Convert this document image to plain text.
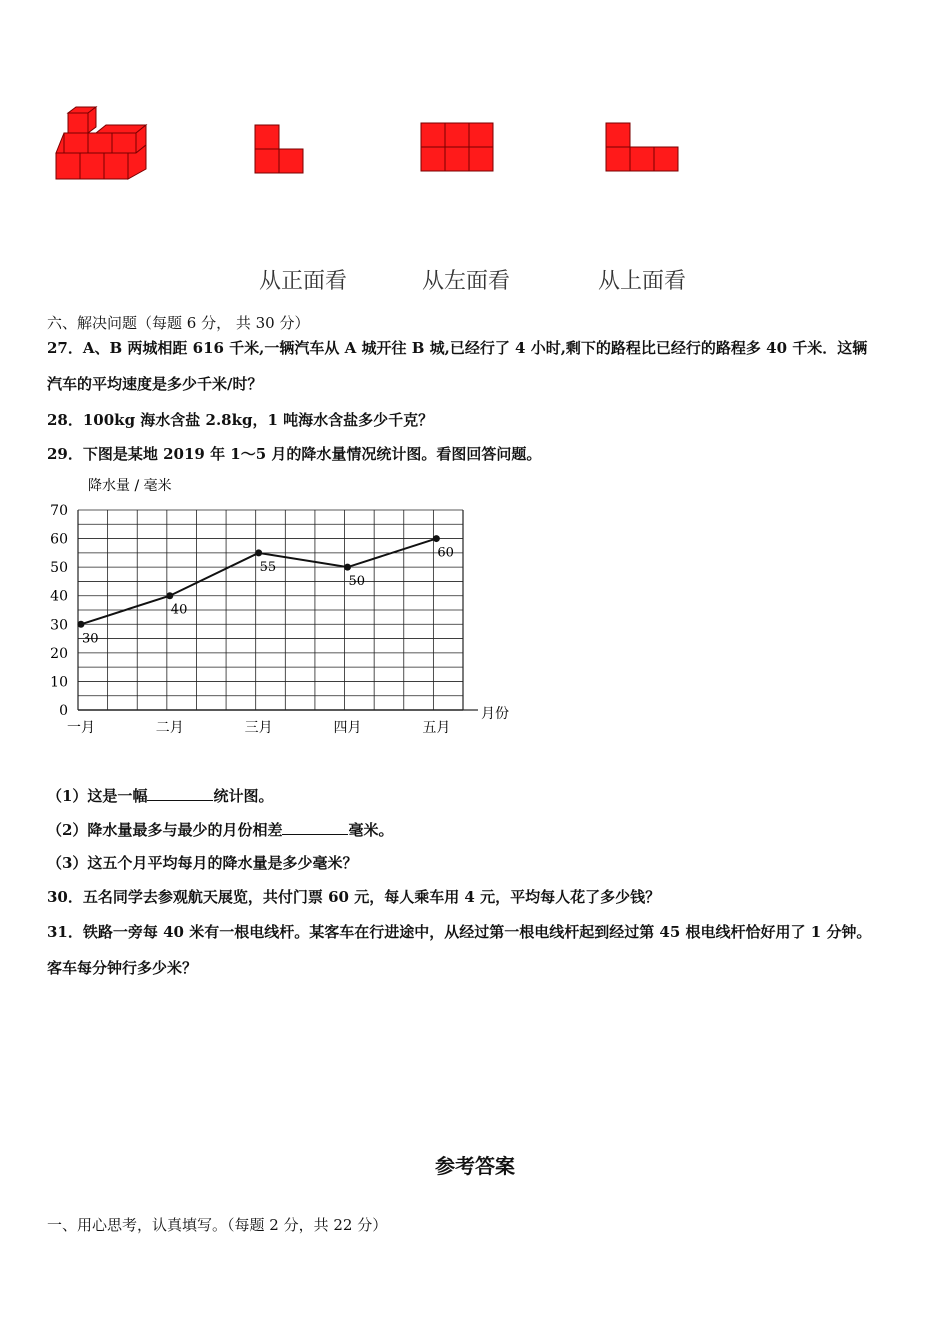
从正面看	从左面看	从上面看
六、解决问题（每题 6 分， 共 30 分）
27．A、B 两城相距 616 千米,一辆汽车从 A 城开往 B 城,已经行了 4 小时,剩下的路程比已经行的路程多 40 千米．这辆
汽车的平均速度是多少千米/时？
28．100kg 海水含盐 2.8kg，1 吨海水含盐多少千克？
29．下图是某地 2019 年 1～5 月的降水量情况统计图。看图回答问题。
0
10
20
30
40
50
60
70
降水量 / 毫米
月份
一月	二月	三月	四月	五月
30
40
55
50
60
（1）这是一幅	统计图。
（2）降水量最多与最少的月份相差	毫米。
（3）这五个月平均每月的降水量是多少毫米？
30．五名同学去参观航天展览，共付门票 60 元，每人乘车用 4 元，平均每人花了多少钱？
31．铁路一旁每 40 米有一根电线杆。某客车在行进途中，从经过第一根电线杆起到经过第 45 根电线杆恰好用了 1 分钟。
客车每分钟行多少米？
参考答案
一、用心思考，认真填写。（每题 2 分，共 22 分）
